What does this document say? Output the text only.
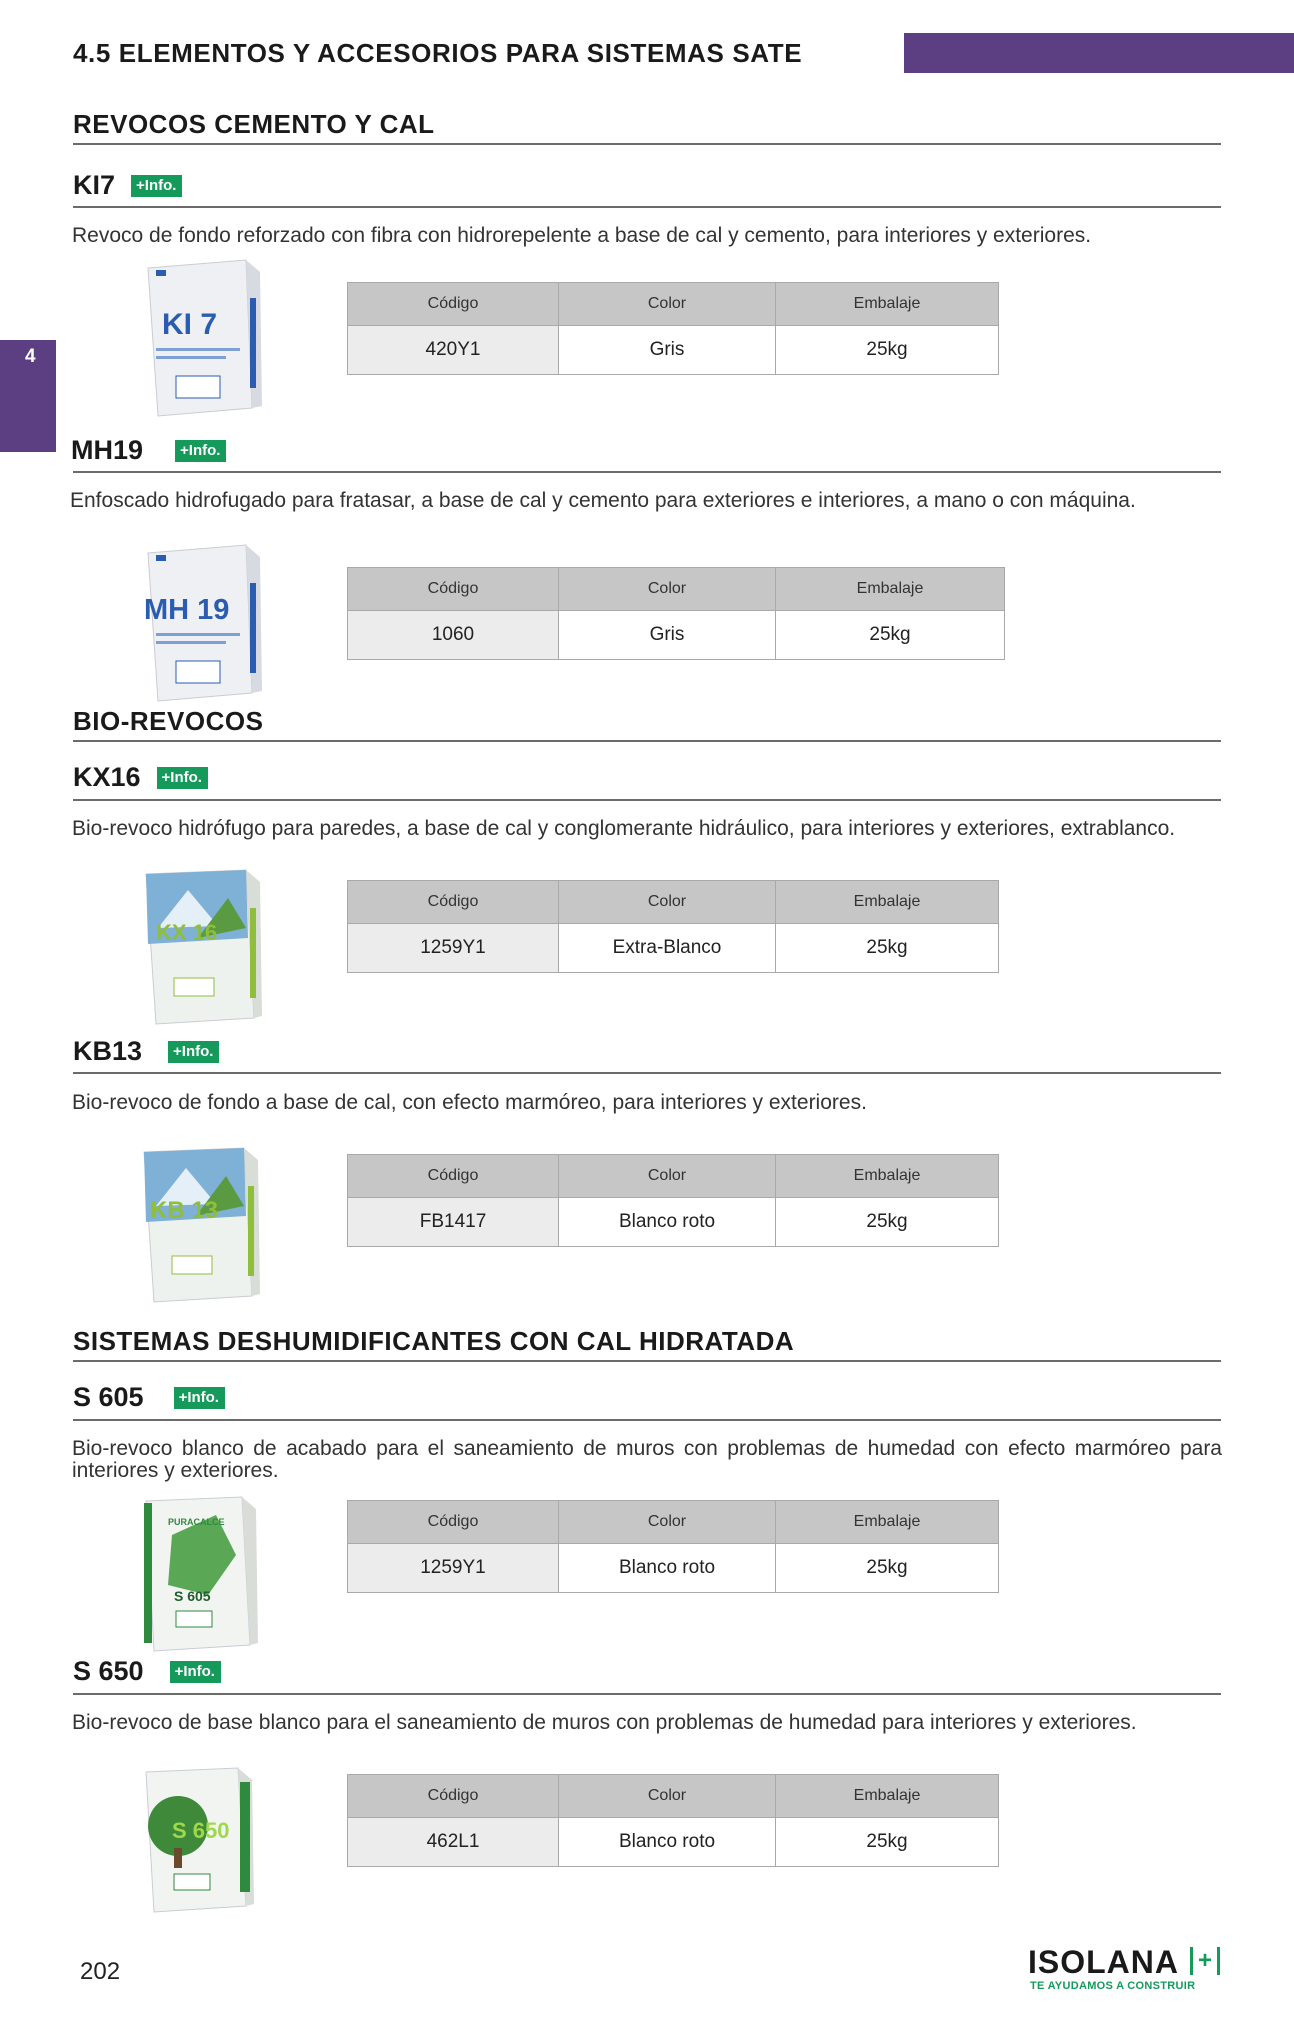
4.5 ELEMENTOS Y ACCESORIOS PARA SISTEMAS SATE
4
REVOCOS CEMENTO Y CAL
KI7	+Info.
Revoco de fondo reforzado con fibra con hidrorepelente a base de cal y cemento, para interiores y exteriores.
KI 7
Código	Color	Embalaje
420Y1	Gris	25kg
MH19	+Info.
Enfoscado hidrofugado para fratasar, a base de cal y cemento para exteriores e interiores, a mano o con máquina.
MH 19
Código	Color	Embalaje
1060	Gris	25kg
BIO-REVOCOS
KX16	+Info.
Bio-revoco hidrófugo para paredes, a base de cal y conglomerante hidráulico, para interiores y exteriores, extrablanco.
KX 16
Código	Color	Embalaje
1259Y1	Extra-Blanco	25kg
KB13	+Info.
Bio-revoco de fondo a base de cal, con efecto marmóreo, para interiores y exteriores.
KB 13
Código	Color	Embalaje
FB1417	Blanco roto	25kg
SISTEMAS DESHUMIDIFICANTES CON CAL HIDRATADA
S 605	+Info.
Bio-revoco blanco de acabado para el saneamiento de muros con problemas de humedad con efecto marmóreo para interiores y exteriores.
PURACALCE
S 605
Código	Color	Embalaje
1259Y1	Blanco roto	25kg
S 650	+Info.
Bio-revoco de base blanco para el saneamiento de muros con problemas de humedad para interiores y exteriores.
S 650
Código	Color	Embalaje
462L1	Blanco roto	25kg
202	ISOLANA +
TE AYUDAMOS A CONSTRUIR
